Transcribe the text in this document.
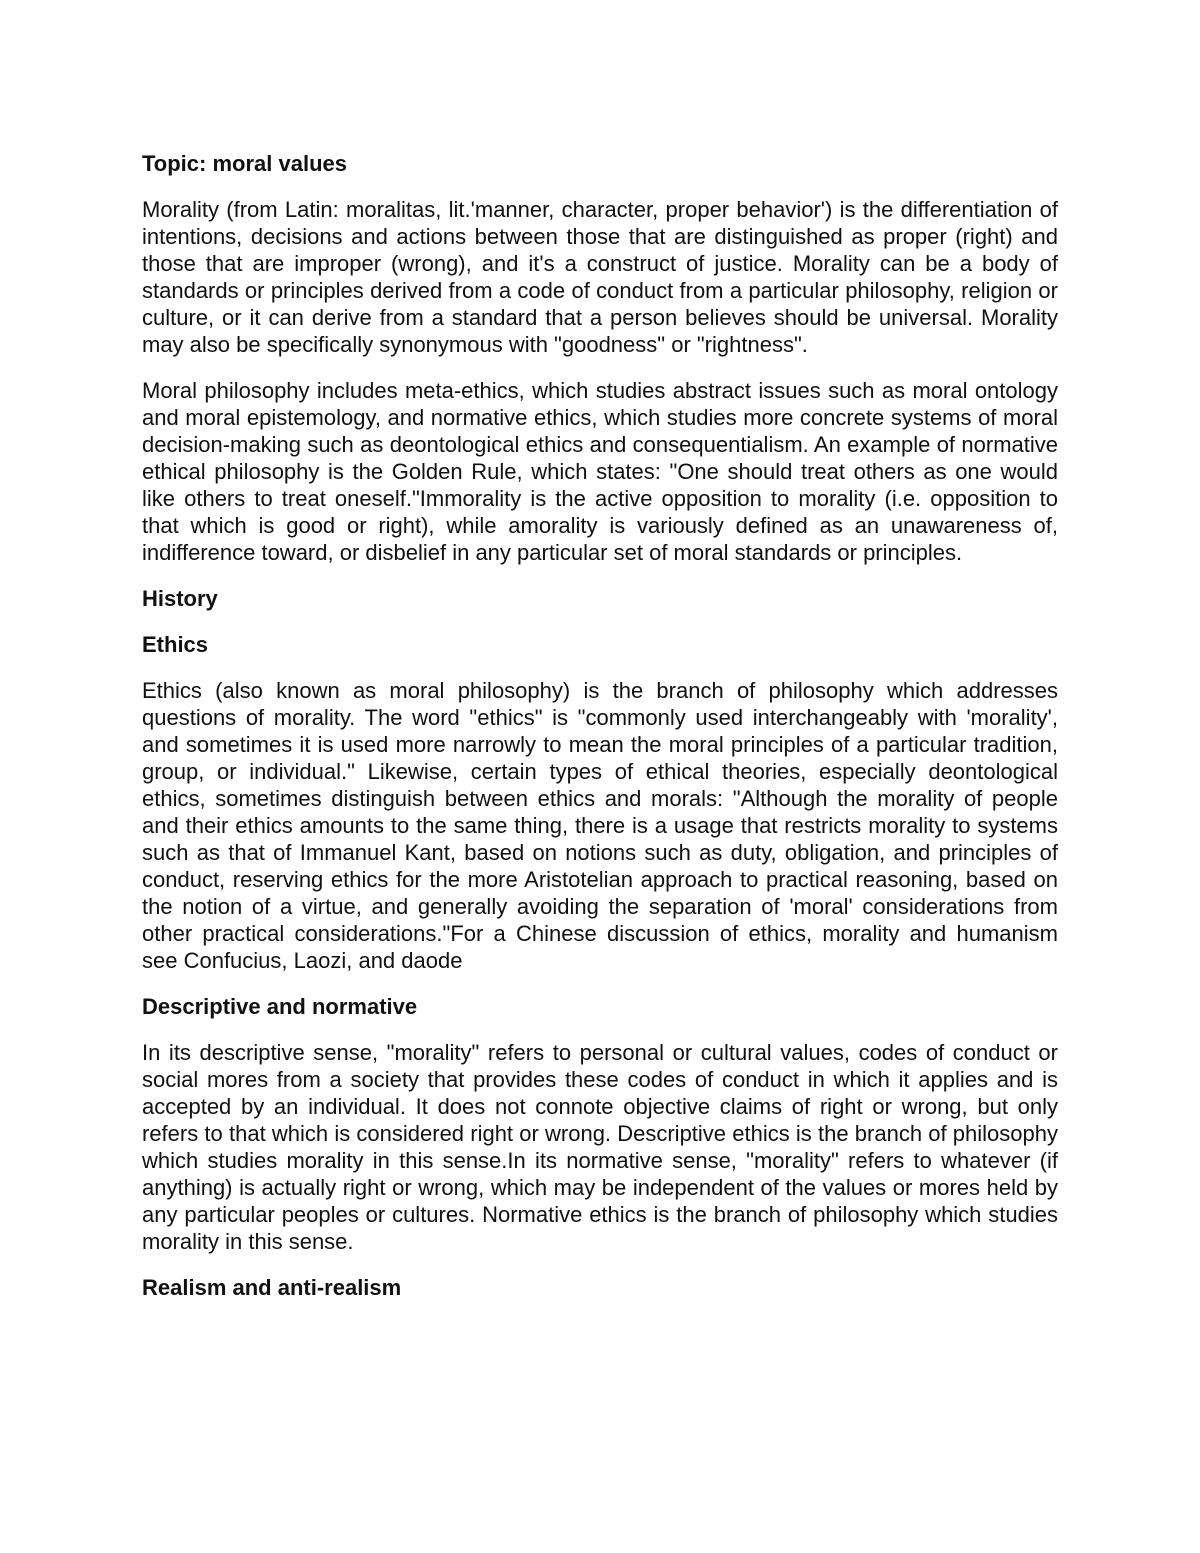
Topic: moral values
Morality (from Latin: moralitas, lit.'manner, character, proper behavior') is the differentiation of intentions, decisions and actions between those that are distinguished as proper (right) and those that are improper (wrong), and it's a construct of justice. Morality can be a body of standards or principles derived from a code of conduct from a particular philosophy, religion or culture, or it can derive from a standard that a person believes should be universal. Morality may also be specifically synonymous with "goodness" or "rightness".
Moral philosophy includes meta-ethics, which studies abstract issues such as moral ontology and moral epistemology, and normative ethics, which studies more concrete systems of moral decision-making such as deontological ethics and consequentialism. An example of normative ethical philosophy is the Golden Rule, which states: "One should treat others as one would like others to treat oneself."Immorality is the active opposition to morality (i.e. opposition to that which is good or right), while amorality is variously defined as an unawareness of, indifference toward, or disbelief in any particular set of moral standards or principles.
History
Ethics
Ethics (also known as moral philosophy) is the branch of philosophy which addresses questions of morality. The word "ethics" is "commonly used interchangeably with 'morality', and sometimes it is used more narrowly to mean the moral principles of a particular tradition, group, or individual." Likewise, certain types of ethical theories, especially deontological ethics, sometimes distinguish between ethics and morals: "Although the morality of people and their ethics amounts to the same thing, there is a usage that restricts morality to systems such as that of Immanuel Kant, based on notions such as duty, obligation, and principles of conduct, reserving ethics for the more Aristotelian approach to practical reasoning, based on the notion of a virtue, and generally avoiding the separation of 'moral' considerations from other practical considerations."For a Chinese discussion of ethics, morality and humanism see Confucius, Laozi, and daode
Descriptive and normative
In its descriptive sense, "morality" refers to personal or cultural values, codes of conduct or social mores from a society that provides these codes of conduct in which it applies and is accepted by an individual. It does not connote objective claims of right or wrong, but only refers to that which is considered right or wrong. Descriptive ethics is the branch of philosophy which studies morality in this sense.In its normative sense, "morality" refers to whatever (if anything) is actually right or wrong, which may be independent of the values or mores held by any particular peoples or cultures. Normative ethics is the branch of philosophy which studies morality in this sense.
Realism and anti-realism
